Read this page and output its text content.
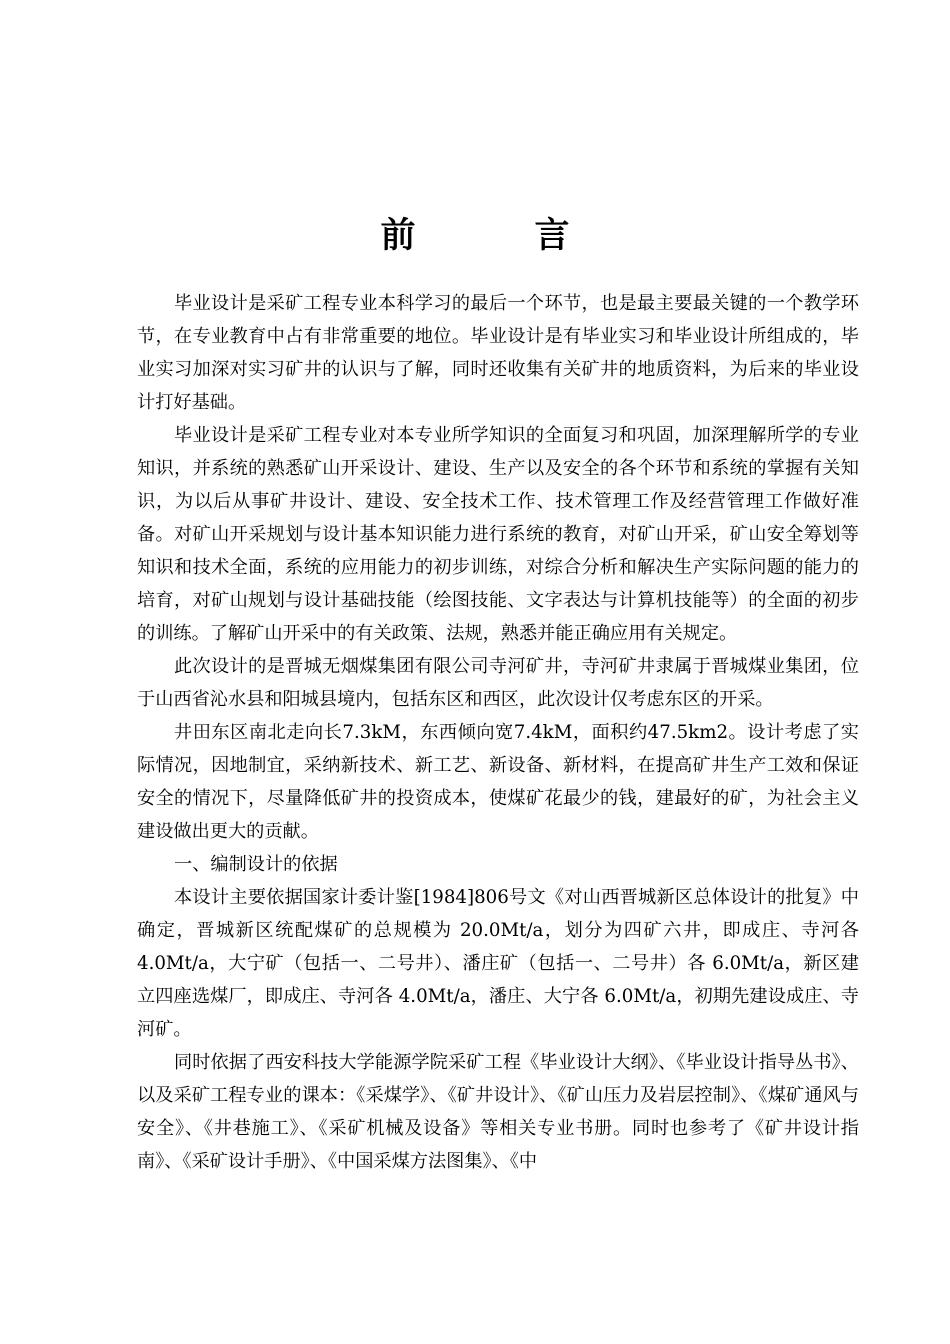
前　言

毕业设计是采矿工程专业本科学习的最后一个环节，也是最主要最关键的一个教学环节，在专业教育中占有非常重要的地位。毕业设计是有毕业实习和毕业设计所组成的，毕业实习加深对实习矿井的认识与了解，同时还收集有关矿井的地质资料，为后来的毕业设计打好基础。

毕业设计是采矿工程专业对本专业所学知识的全面复习和巩固，加深理解所学的专业知识，并系统的熟悉矿山开采设计、建设、生产以及安全的各个环节和系统的掌握有关知识，为以后从事矿井设计、建设、安全技术工作、技术管理工作及经营管理工作做好准备。对矿山开采规划与设计基本知识能力进行系统的教育，对矿山开采，矿山安全筹划等知识和技术全面，系统的应用能力的初步训练，对综合分析和解决生产实际问题的能力的培育，对矿山规划与设计基础技能（绘图技能、文字表达与计算机技能等）的全面的初步的训练。了解矿山开采中的有关政策、法规，熟悉并能正确应用有关规定。

此次设计的是晋城无烟煤集团有限公司寺河矿井，寺河矿井隶属于晋城煤业集团，位于山西省沁水县和阳城县境内，包括东区和西区，此次设计仅考虑东区的开采。

井田东区南北走向长7.3kM，东西倾向宽7.4kM，面积约47.5km2。设计考虑了实际情况，因地制宜，采纳新技术、新工艺、新设备、新材料，在提高矿井生产工效和保证安全的情况下，尽量降低矿井的投资成本，使煤矿花最少的钱，建最好的矿，为社会主义建设做出更大的贡献。

一、编制设计的依据

本设计主要依据国家计委计鉴[1984]806号文《对山西晋城新区总体设计的批复》中确定，晋城新区统配煤矿的总规模为 20.0Mt/a，划分为四矿六井，即成庄、寺河各4.0Mt/a，大宁矿（包括一、二号井）、潘庄矿（包括一、二号井）各 6.0Mt/a，新区建立四座选煤厂，即成庄、寺河各 4.0Mt/a，潘庄、大宁各 6.0Mt/a，初期先建设成庄、寺河矿。

同时依据了西安科技大学能源学院采矿工程《毕业设计大纲》、《毕业设计指导丛书》、以及采矿工程专业的课本：《采煤学》、《矿井设计》、《矿山压力及岩层控制》、《煤矿通风与安全》、《井巷施工》、《采矿机械及设备》等相关专业书册。同时也参考了《矿井设计指南》、《采矿设计手册》、《中国采煤方法图集》、《中
